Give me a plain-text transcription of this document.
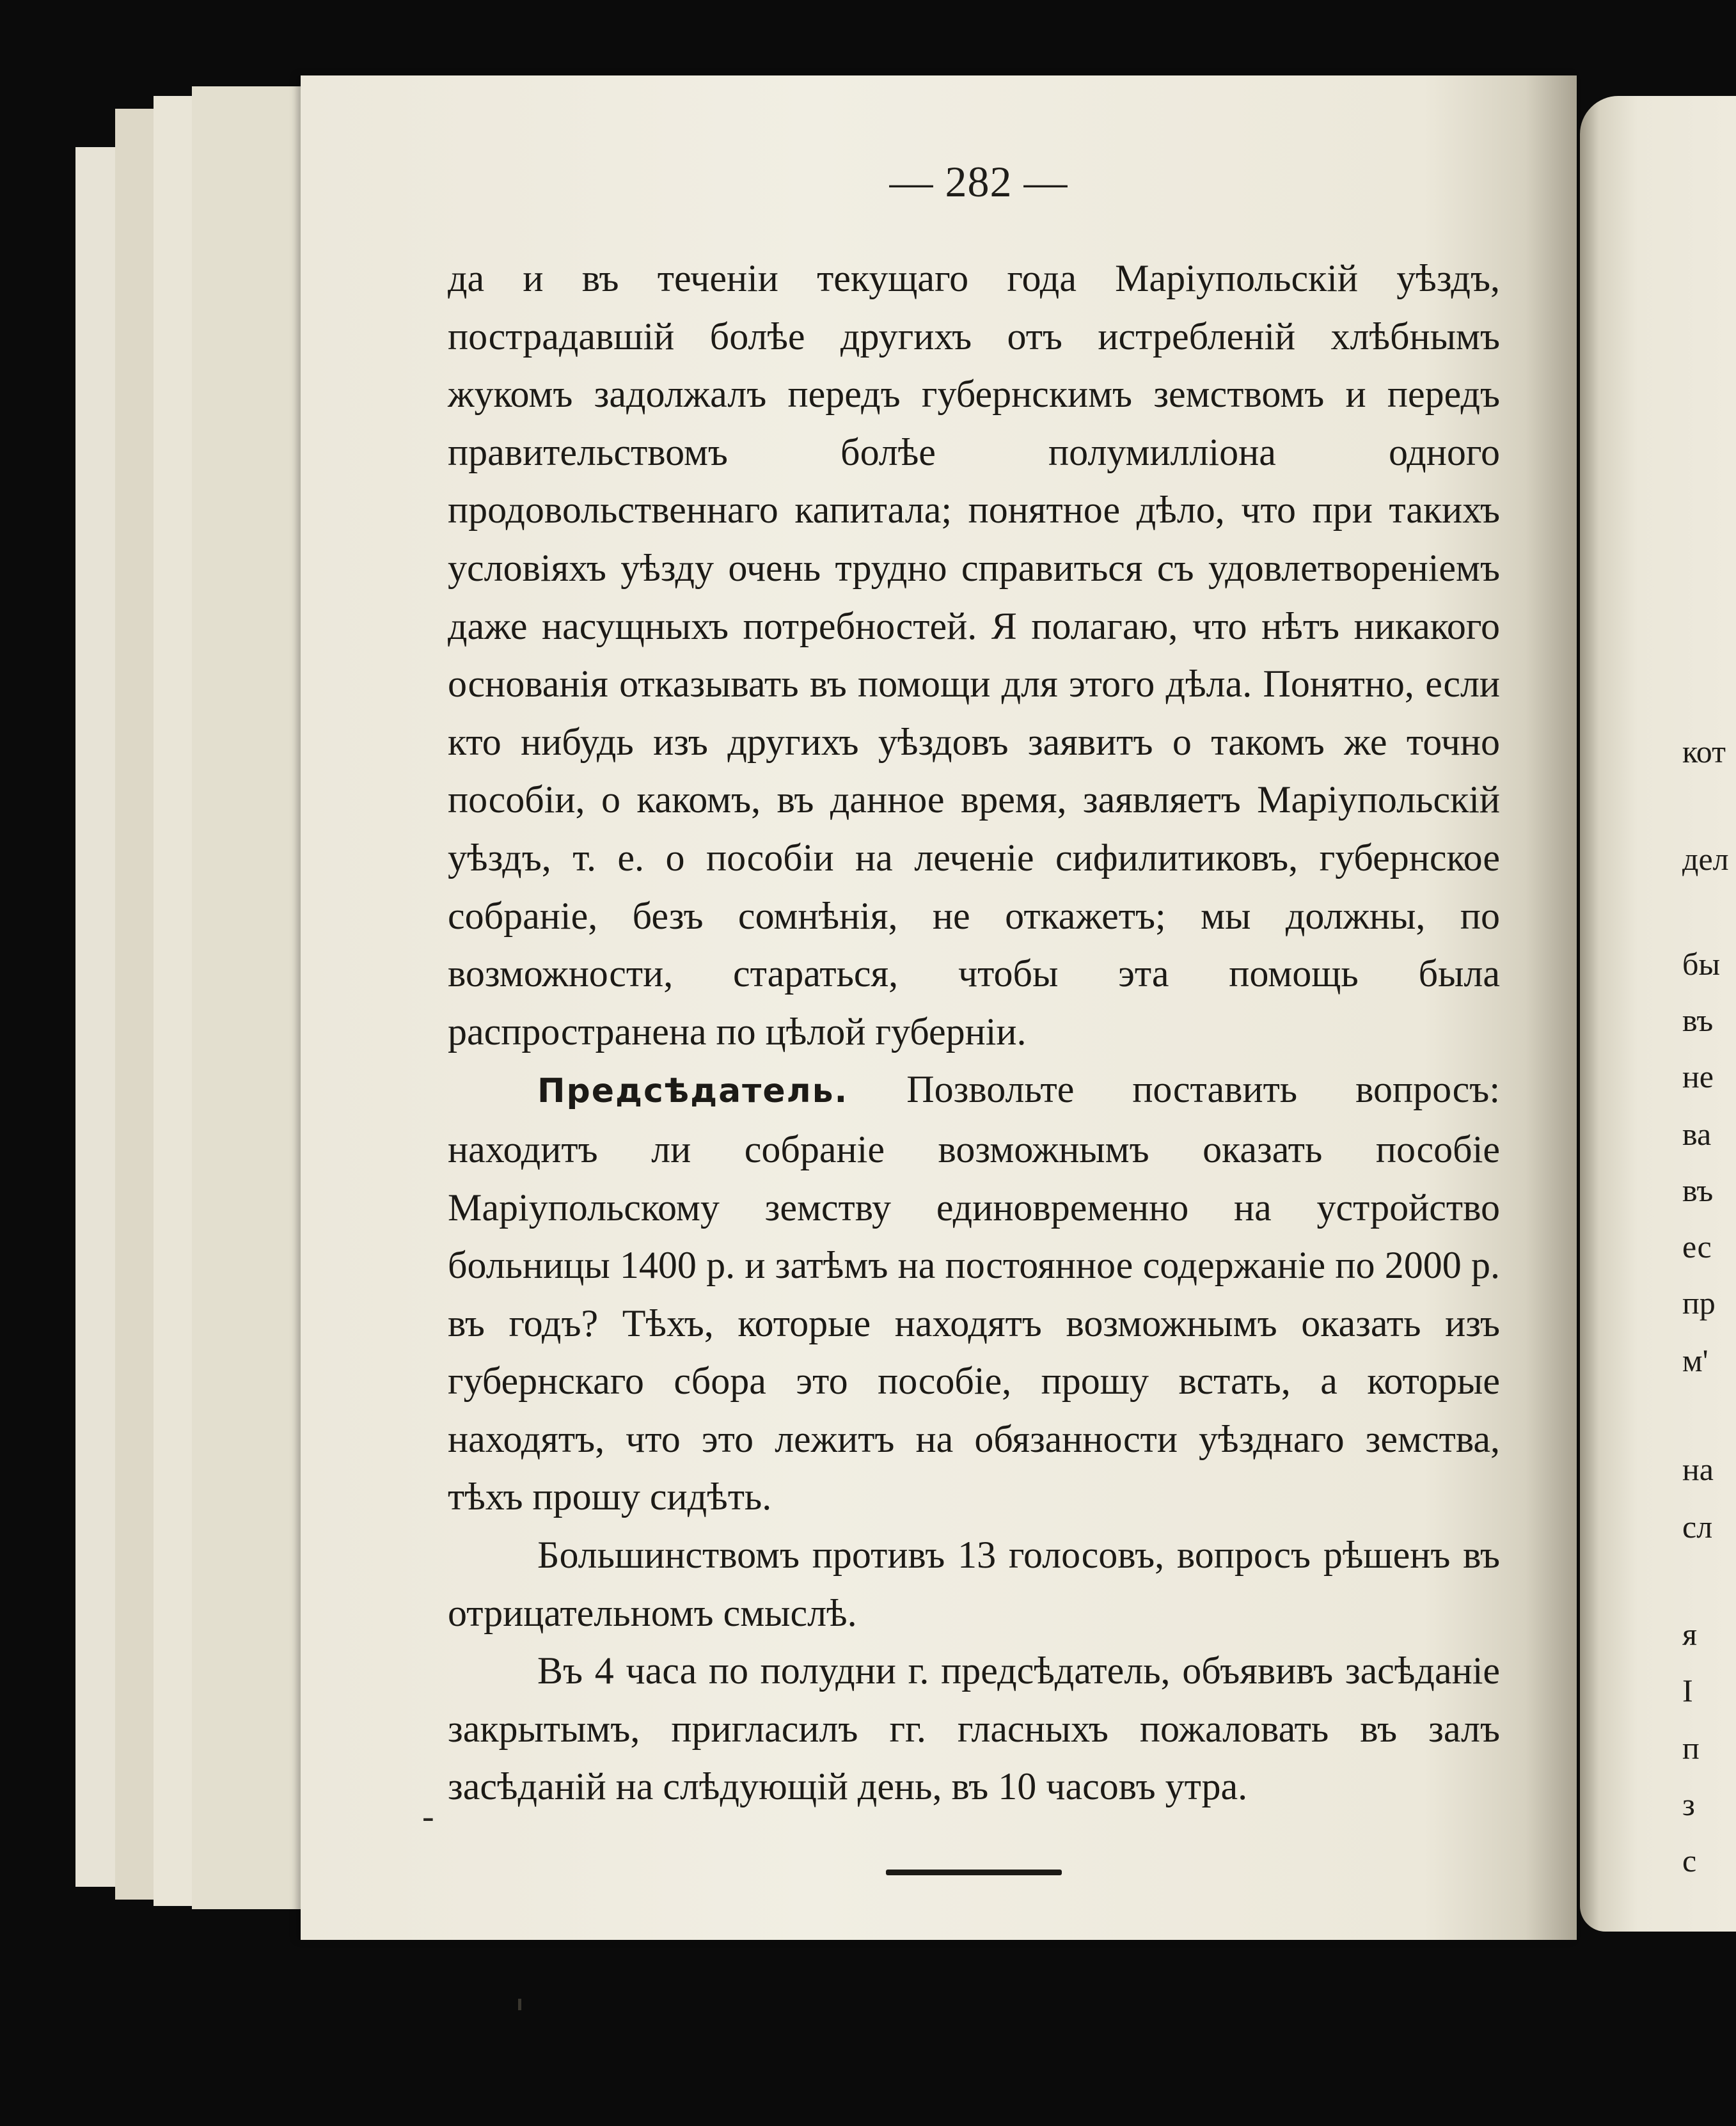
кот
дел
бы
въ
не
ва
въ
ес
пр
м'
на
сл
я
I
п
з
с
— 282 —

да и въ теченіи текущаго года Маріупольскій уѣздъ, пострадавшій болѣе другихъ отъ истребленій хлѣбнымъ жукомъ задолжалъ передъ губернскимъ земствомъ и передъ правительствомъ болѣе полумилліона одного продовольственнаго капитала; понятное дѣло, что при такихъ условіяхъ уѣзду очень трудно справиться съ удовлетвореніемъ даже насущныхъ потребностей. Я полагаю, что нѣтъ никакого основанія отказывать въ помощи для этого дѣла. Понятно, если кто нибудь изъ другихъ уѣздовъ заявитъ о такомъ же точно пособіи, о какомъ, въ данное время, заявляетъ Маріупольскій уѣздъ, т. е. о пособіи на леченіе сифилитиковъ, губернское собраніе, безъ сомнѣнія, не откажетъ; мы должны, по возможности, стараться, чтобы эта помощь была распространена по цѣлой губерніи.

Предсѣдатель. Позвольте поставить вопросъ: находитъ ли собраніе возможнымъ оказать пособіе Маріупольскому земству единовременно на устройство больницы 1400 р. и затѣмъ на постоянное содержаніе по 2000 р. въ годъ? Тѣхъ, которые находятъ возможнымъ оказать изъ губернскаго сбора это пособіе, прошу встать, а которые находятъ, что это лежитъ на обязанности уѣзднаго земства, тѣхъ прошу сидѣть.

Большинствомъ противъ 13 голосовъ, вопросъ рѣшенъ въ отрицательномъ смыслѣ.

Въ 4 часа по полудни г. предсѣдатель, объявивъ засѣданіе закрытымъ, пригласилъ гг. гласныхъ пожаловать въ залъ засѣданій на слѣдующій день, въ 10 часовъ утра.

-
